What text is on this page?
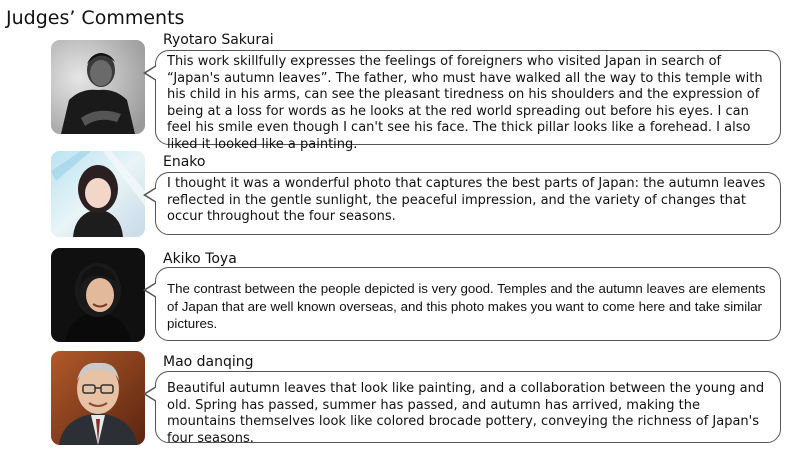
Judges’ Comments
Ryotaro Sakurai
This work skillfully expresses the feelings of foreigners who visited Japan in search of “Japan's autumn leaves”. The father, who must have walked all the way to this temple with his child in his arms, can see the pleasant tiredness on his shoulders and the expression of being at a loss for words as he looks at the red world spreading out before his eyes. I can feel his smile even though I can't see his face. The thick pillar looks like a forehead. I also liked it looked like a painting.
Enako
I thought it was a wonderful photo that captures the best parts of Japan: the autumn leaves reflected in the gentle sunlight, the peaceful impression, and the variety of changes that occur throughout the four seasons.
Akiko Toya
The contrast between the people depicted is very good. Temples and the autumn leaves are elements of Japan that are well known overseas, and this photo makes you want to come here and take similar pictures.
Mao danqing
Beautiful autumn leaves that look like painting, and a collaboration between the young and old. Spring has passed, summer has passed, and autumn has arrived, making the mountains themselves look like colored brocade pottery, conveying the richness of Japan's four seasons.
